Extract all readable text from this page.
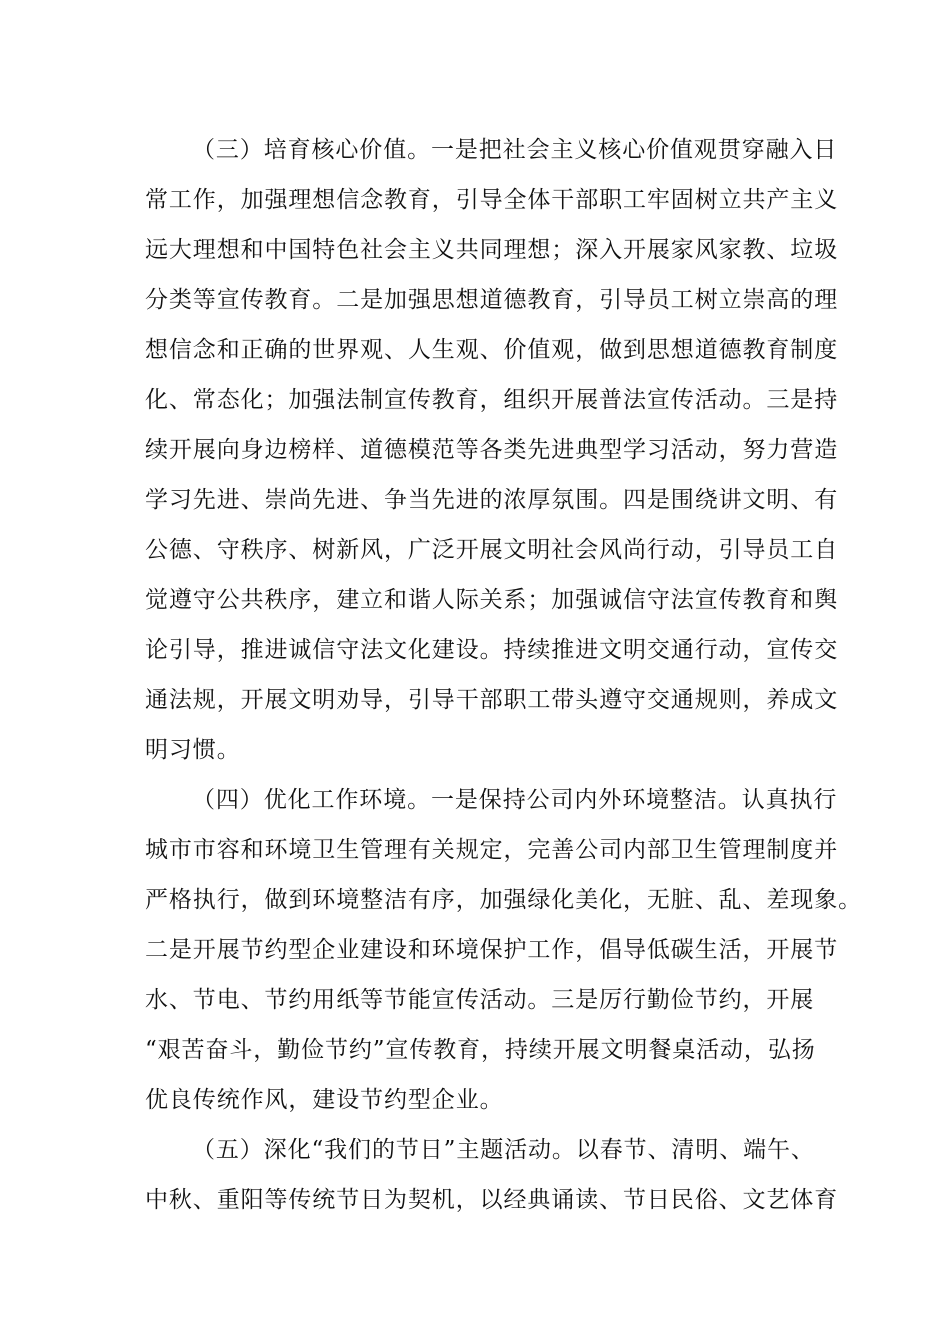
（三）培育核心价值。一是把社会主义核心价值观贯穿融入日
常工作，加强理想信念教育，引导全体干部职工牢固树立共产主义
远大理想和中国特色社会主义共同理想；深入开展家风家教、垃圾
分类等宣传教育。二是加强思想道德教育，引导员工树立崇高的理
想信念和正确的世界观、人生观、价值观，做到思想道德教育制度
化、常态化；加强法制宣传教育，组织开展普法宣传活动。三是持
续开展向身边榜样、道德模范等各类先进典型学习活动，努力营造
学习先进、崇尚先进、争当先进的浓厚氛围。四是围绕讲文明、有
公德、守秩序、树新风，广泛开展文明社会风尚行动，引导员工自
觉遵守公共秩序，建立和谐人际关系；加强诚信守法宣传教育和舆
论引导，推进诚信守法文化建设。持续推进文明交通行动，宣传交
通法规，开展文明劝导，引导干部职工带头遵守交通规则，养成文
明习惯。
（四）优化工作环境。一是保持公司内外环境整洁。认真执行
城市市容和环境卫生管理有关规定，完善公司内部卫生管理制度并
严格执行，做到环境整洁有序，加强绿化美化，无脏、乱、差现象。
二是开展节约型企业建设和环境保护工作，倡导低碳生活，开展节
水、节电、节约用纸等节能宣传活动。三是厉行勤俭节约，开展
“艰苦奋斗，勤俭节约”宣传教育，持续开展文明餐桌活动，弘扬
优良传统作风，建设节约型企业。
（五）深化“我们的节日”主题活动。以春节、清明、端午、
中秋、重阳等传统节日为契机，以经典诵读、节日民俗、文艺体育
